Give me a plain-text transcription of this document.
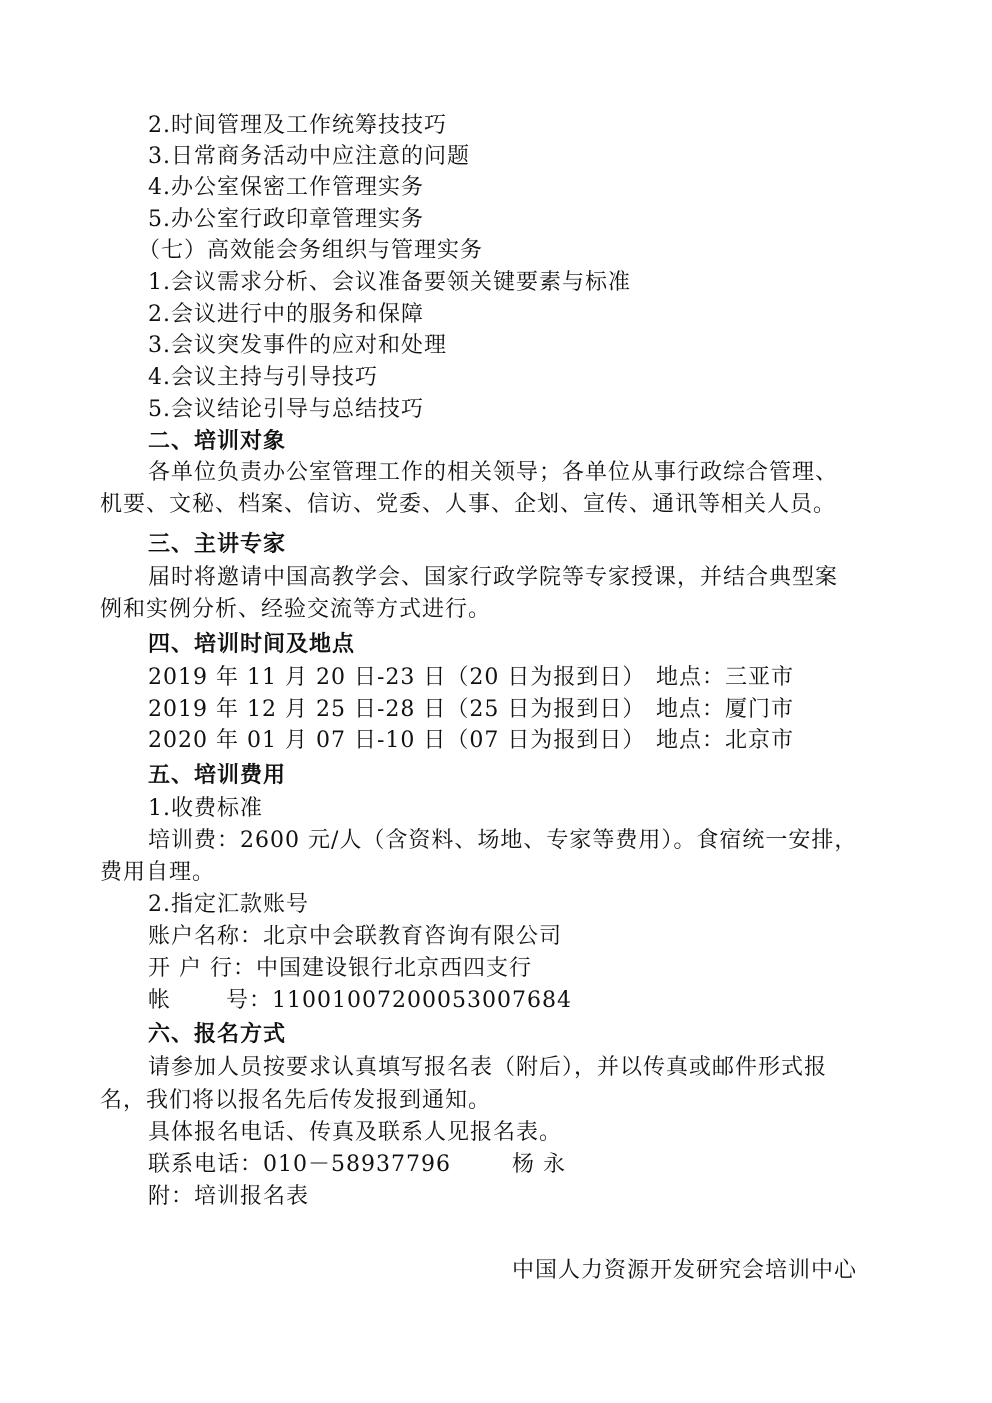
2.时间管理及工作统筹技技巧
3.日常商务活动中应注意的问题
4.办公室保密工作管理实务
5.办公室行政印章管理实务
（七）高效能会务组织与管理实务
1.会议需求分析、会议准备要领关键要素与标准
2.会议进行中的服务和保障
3.会议突发事件的应对和处理
4.会议主持与引导技巧
5.会议结论引导与总结技巧
二、培训对象
各单位负责办公室管理工作的相关领导；各单位从事行政综合管理、
机要、文秘、档案、信访、党委、人事、企划、宣传、通讯等相关人员。
三、主讲专家
届时将邀请中国高教学会、国家行政学院等专家授课，并结合典型案
例和实例分析、经验交流等方式进行。
四、培训时间及地点
2019 年 11 月 20 日-23 日（20 日为报到日） 地点：三亚市
2019 年 12 月 25 日-28 日（25 日为报到日） 地点：厦门市
2020 年 01 月 07 日-10 日（07 日为报到日） 地点：北京市
五、培训费用
1.收费标准
培训费：2600 元/人（含资料、场地、专家等费用）。食宿统一安排，
费用自理。
2.指定汇款账号
账户名称：北京中会联教育咨询有限公司
开 户 行：中国建设银行北京西四支行
帐 号：11001007200053007684
六、报名方式
请参加人员按要求认真填写报名表（附后），并以传真或邮件形式报
名，我们将以报名先后传发报到通知。
具体报名电话、传真及联系人见报名表。
联系电话：010－58937796	杨 永
附：培训报名表
中国人力资源开发研究会培训中心
